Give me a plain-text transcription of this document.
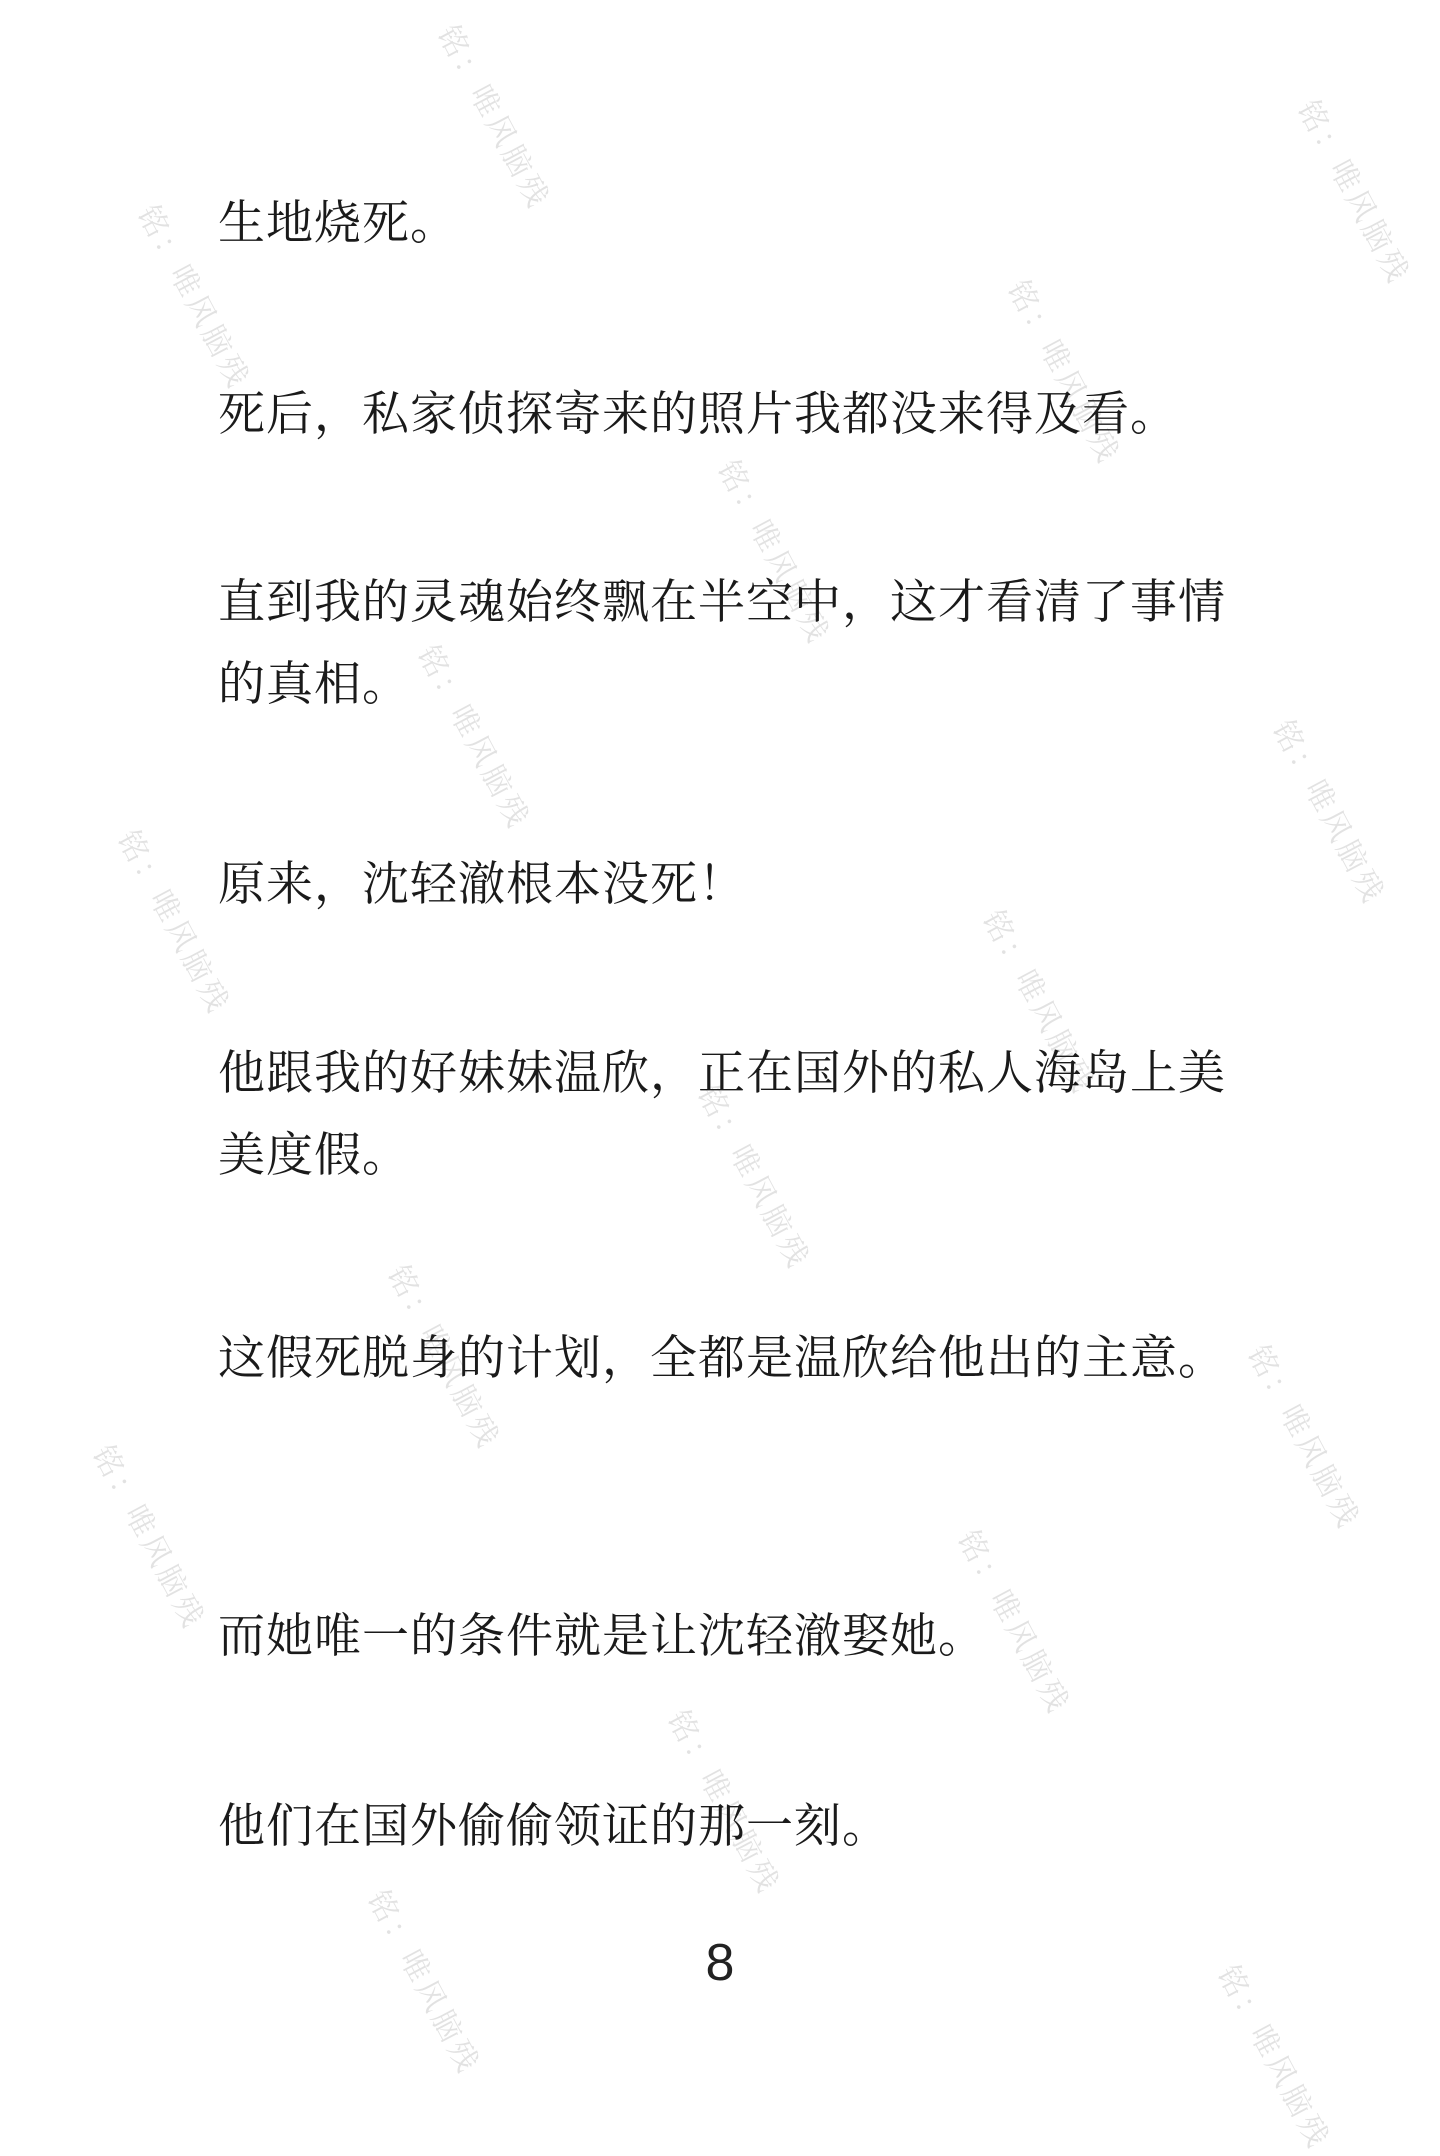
铭：唯风脑残	铭：唯风脑残
铭：唯风脑残	铭：唯风脑残
铭：唯风脑残
铭：唯风脑残	铭：唯风脑残
铭：唯风脑残	铭：唯风脑残
铭：唯风脑残
铭：唯风脑残	铭：唯风脑残
铭：唯风脑残	铭：唯风脑残
铭：唯风脑残
铭：唯风脑残	铭：唯风脑残

生地烧死。

死后，私家侦探寄来的照片我都没来得及看。

直到我的灵魂始终飘在半空中，这才看清了事情的真相。

原来，沈轻澈根本没死！

他跟我的好妹妹温欣，正在国外的私人海岛上美美度假。

这假死脱身的计划，全都是温欣给他出的主意。

而她唯一的条件就是让沈轻澈娶她。

他们在国外偷偷领证的那一刻。

8
